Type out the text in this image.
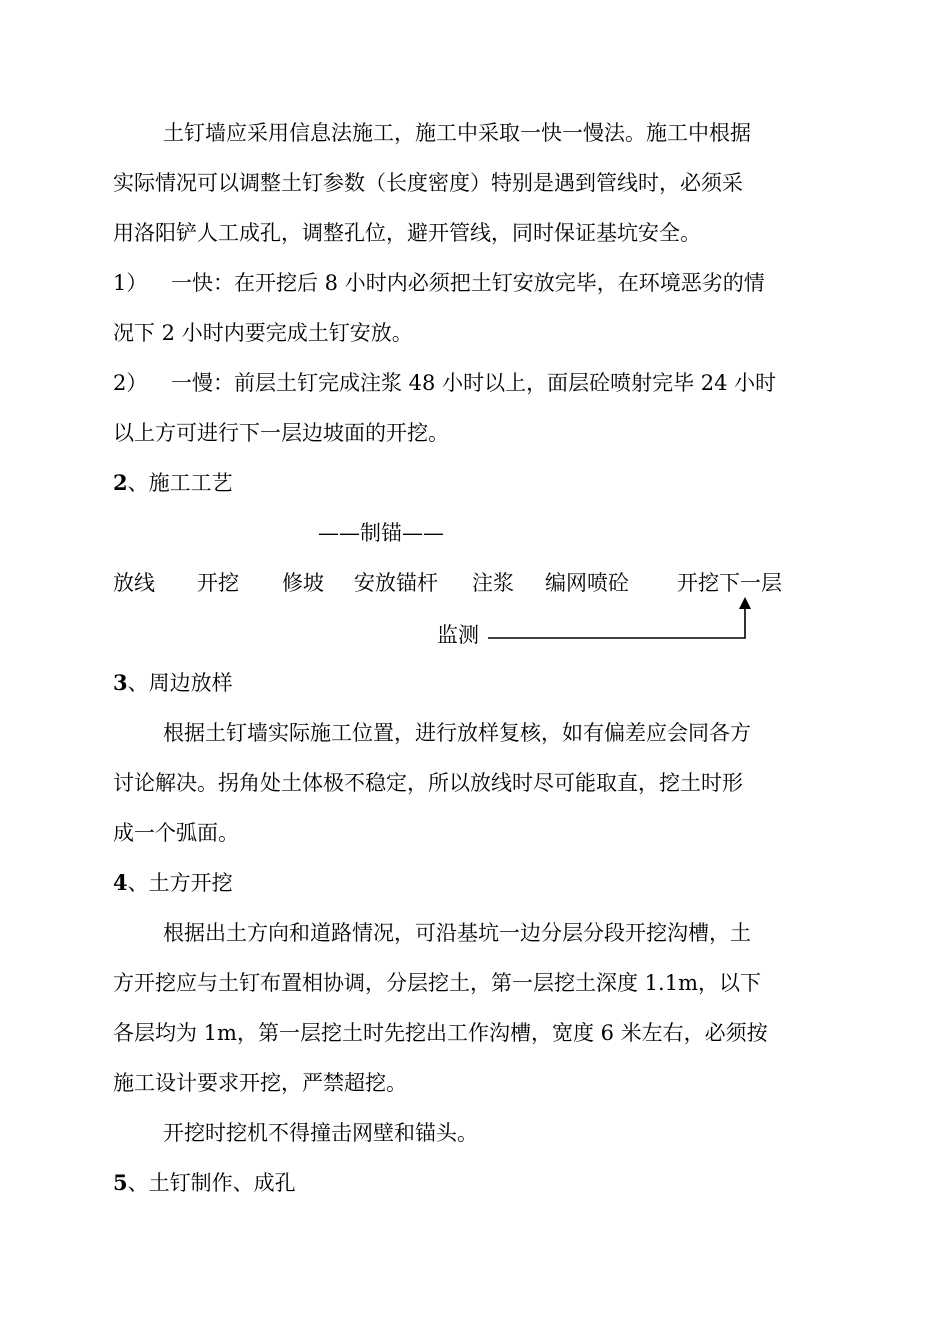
土钉墙应采用信息法施工，施工中采取一快一慢法。施工中根据
实际情况可以调整土钉参数（长度密度）特别是遇到管线时，必须采
用洛阳铲人工成孔，调整孔位，避开管线，同时保证基坑安全。
1） 一快：在开挖后 8 小时内必须把土钉安放完毕，在环境恶劣的情
况下 2 小时内要完成土钉安放。
2） 一慢：前层土钉完成注浆 48 小时以上，面层砼喷射完毕 24 小时
以上方可进行下一层边坡面的开挖。
2、施工工艺
——制锚——
放线 开挖 修坡 安放锚杆 注浆 编网喷砼 开挖下一层
监测
3、周边放样
根据土钉墙实际施工位置，进行放样复核，如有偏差应会同各方
讨论解决。拐角处土体极不稳定，所以放线时尽可能取直，挖土时形
成一个弧面。
4、土方开挖
根据出土方向和道路情况，可沿基坑一边分层分段开挖沟槽，土
方开挖应与土钉布置相协调，分层挖土，第一层挖土深度 1.1m，以下
各层均为 1m，第一层挖土时先挖出工作沟槽，宽度 6 米左右，必须按
施工设计要求开挖，严禁超挖。
开挖时挖机不得撞击网壁和锚头。
5、土钉制作、成孔
